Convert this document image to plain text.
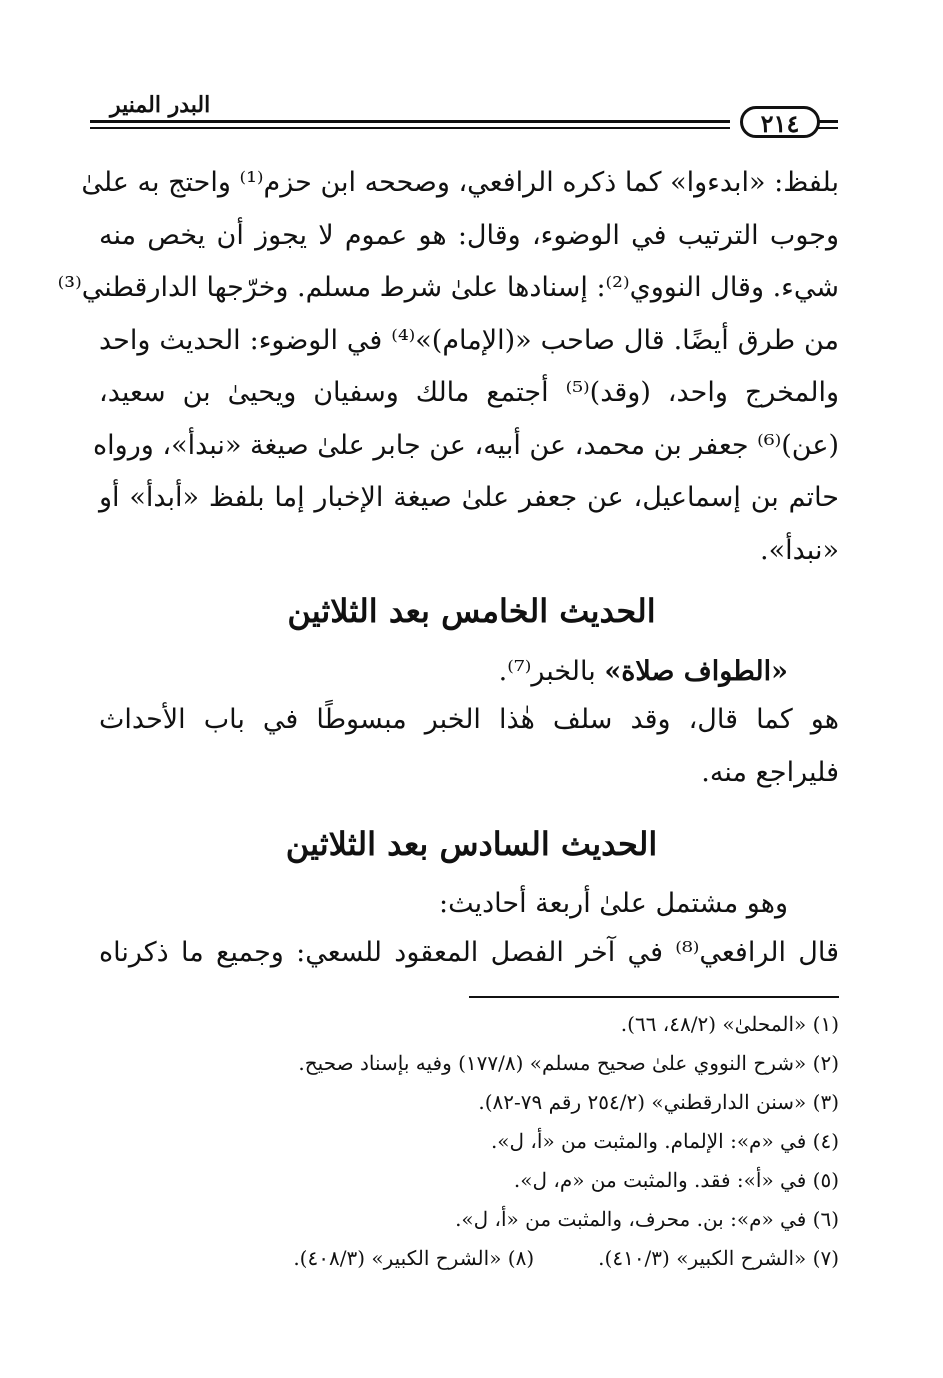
البدر المنير
٢١٤
بلفظ: «ابدءوا» كما ذكره الرافعي، وصححه ابن حزم⁽¹⁾ واحتج به علىٰ
وجوب الترتيب في الوضوء، وقال: هو عموم لا يجوز أن يخص منه
شيء. وقال النووي⁽²⁾: إسنادها علىٰ شرط مسلم. وخرّجها الدارقطني⁽³⁾
من طرق أيضًا. قال صاحب «(الإمام)»⁽⁴⁾ في الوضوء: الحديث واحد
والمخرج واحد، (وقد)⁽⁵⁾ أجتمع مالك وسفيان ويحيىٰ بن سعيد،
(عن)⁽⁶⁾ جعفر بن محمد، عن أبيه، عن جابر علىٰ صيغة «نبدأ»، ورواه
حاتم بن إسماعيل، عن جعفر علىٰ صيغة الإخبار إما بلفظ «أبدأ» أو
«نبدأ».
الحديث الخامس بعد الثلاثين
«الطواف صلاة» بالخبر⁽⁷⁾.
هو كما قال، وقد سلف هٰذا الخبر مبسوطًا في باب الأحداث
فليراجع منه.
الحديث السادس بعد الثلاثين
وهو مشتمل علىٰ أربعة أحاديث:
قال الرافعي⁽⁸⁾ في آخر الفصل المعقود للسعي: وجميع ما ذكرناه
(١) «المحلىٰ» (٤٨/٢، ٦٦).
(٢) «شرح النووي علىٰ صحيح مسلم» (١٧٧/٨) وفيه بإسناد صحيح.
(٣) «سنن الدارقطني» (٢٥٤/٢ رقم ٧٩-٨٢).
(٤) في «م»: الإلمام. والمثبت من «أ، ل».
(٥) في «أ»: فقد. والمثبت من «م، ل».
(٦) في «م»: بن. محرف، والمثبت من «أ، ل».
(٧) «الشرح الكبير» (٤١٠/٣).
(٨) «الشرح الكبير» (٤٠٨/٣).
